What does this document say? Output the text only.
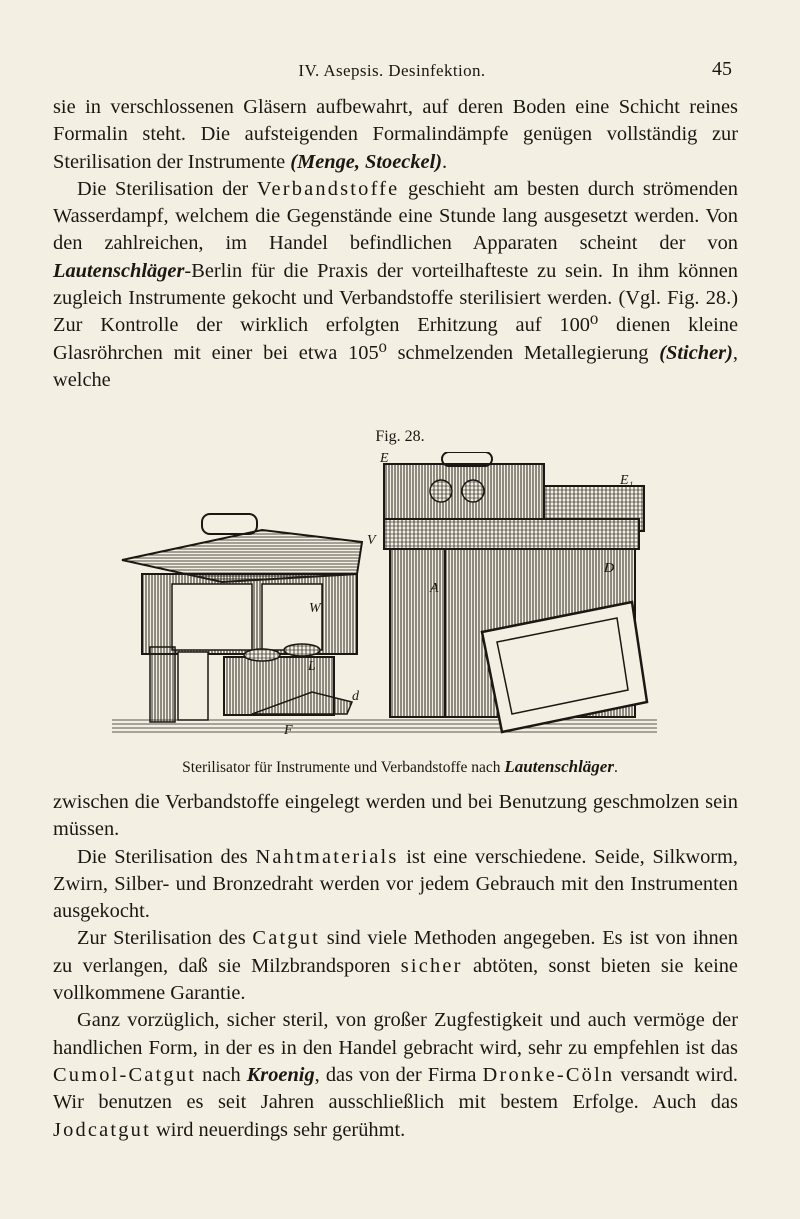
IV. Asepsis. Desinfektion.	45

sie in verschlossenen Gläsern aufbewahrt, auf deren Boden eine Schicht reines Formalin steht. Die aufsteigenden Formalindämpfe genügen vollständig zur Sterilisation der Instrumente (Menge, Stoeckel).

Die Sterilisation der Verbandstoffe geschieht am besten durch strömenden Wasserdampf, welchem die Gegenstände eine Stunde lang ausgesetzt werden. Von den zahlreichen, im Handel befindlichen Apparaten scheint der von Lautenschläger-Berlin für die Praxis der vorteilhafteste zu sein. In ihm können zugleich Instrumente gekocht und Verbandstoffe sterilisiert werden. (Vgl. Fig. 28.) Zur Kontrolle der wirklich erfolgten Erhitzung auf 100⁰ dienen kleine Glasröhrchen mit einer bei etwa 105⁰ schmelzenden Metallegierung (Sticher), welche

Fig. 28.
E
E₁
V
W
A
D
L
d
F
Sterilisator für Instrumente und Verbandstoffe nach Lautenschläger.

zwischen die Verbandstoffe eingelegt werden und bei Benutzung geschmolzen sein müssen.

Die Sterilisation des Nahtmaterials ist eine verschiedene. Seide, Silkworm, Zwirn, Silber- und Bronzedraht werden vor jedem Gebrauch mit den Instrumenten ausgekocht.

Zur Sterilisation des Catgut sind viele Methoden angegeben. Es ist von ihnen zu verlangen, daß sie Milzbrandsporen sicher abtöten, sonst bieten sie keine vollkommene Garantie.

Ganz vorzüglich, sicher steril, von großer Zugfestigkeit und auch vermöge der handlichen Form, in der es in den Handel gebracht wird, sehr zu empfehlen ist das Cumol-Catgut nach Kroenig, das von der Firma Dronke-Cöln versandt wird. Wir benutzen es seit Jahren ausschließlich mit bestem Erfolge. Auch das Jodcatgut wird neuerdings sehr gerühmt.
